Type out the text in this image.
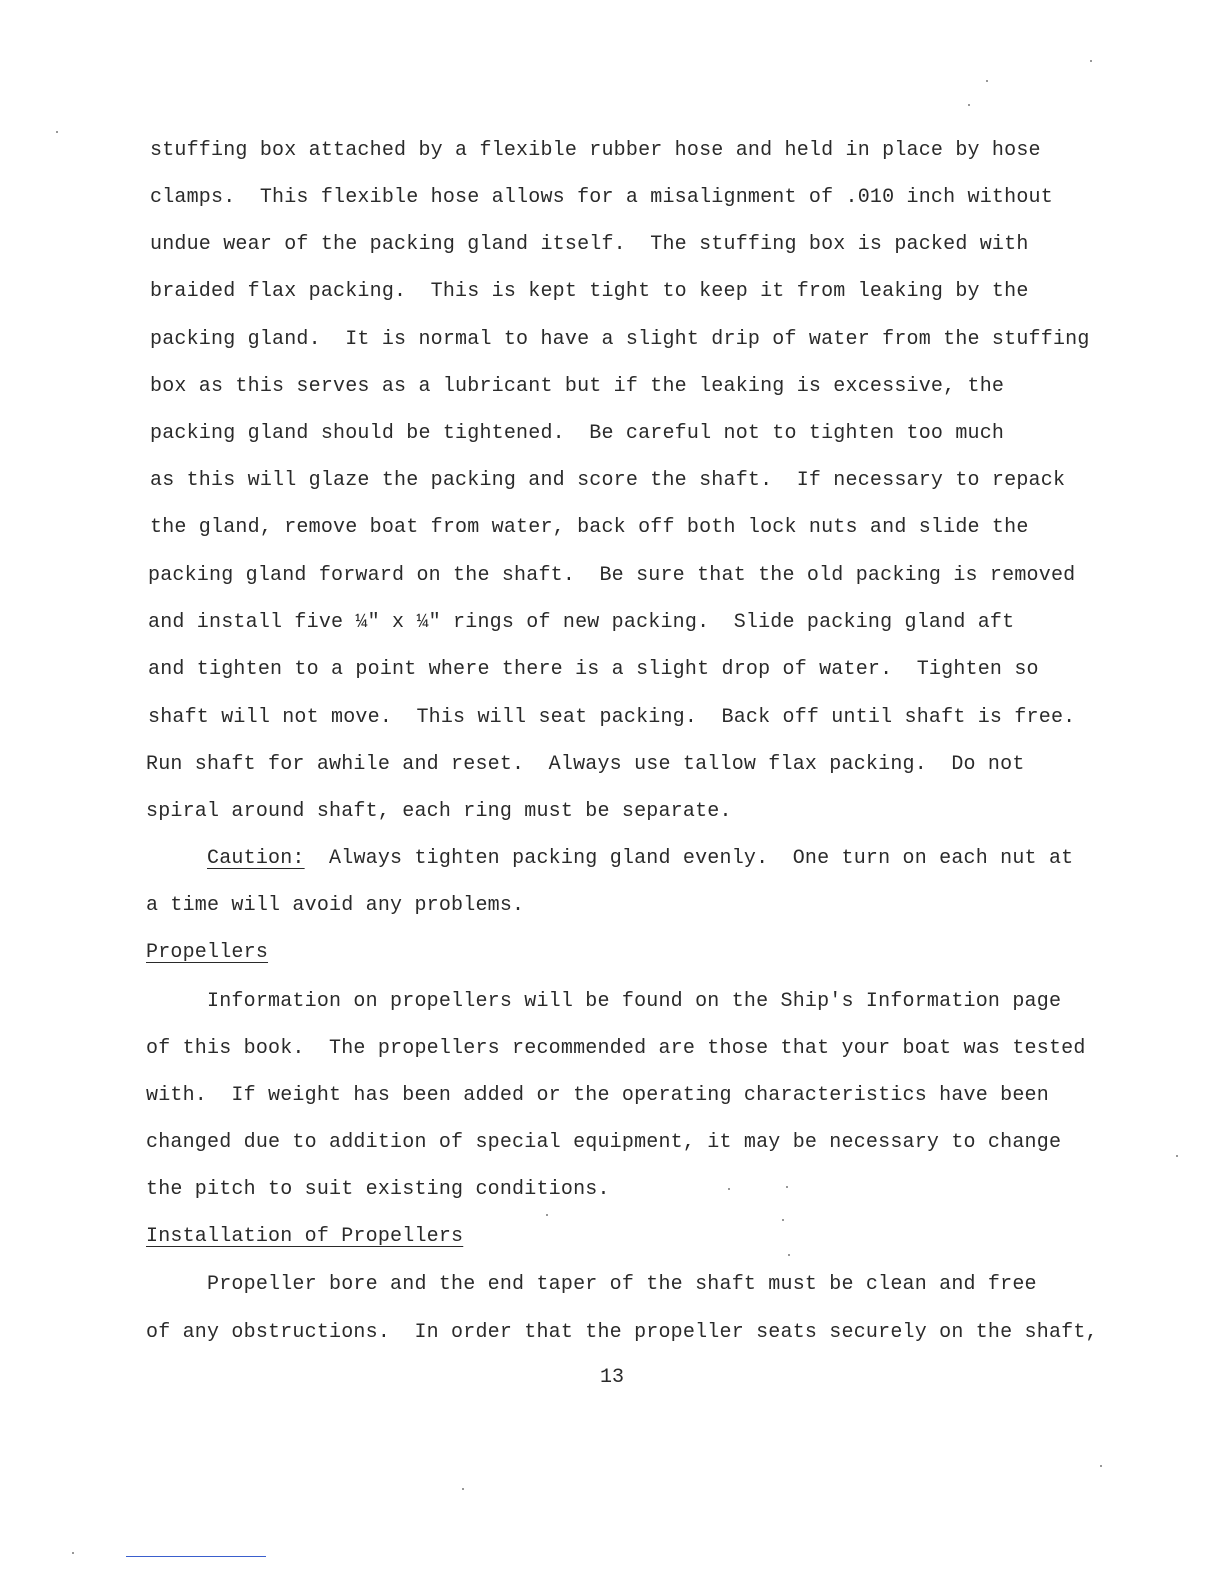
stuffing box attached by a flexible rubber hose and held in place by hose
clamps.  This flexible hose allows for a misalignment of .010 inch without
undue wear of the packing gland itself.  The stuffing box is packed with
braided flax packing.  This is kept tight to keep it from leaking by the
packing gland.  It is normal to have a slight drip of water from the stuffing
box as this serves as a lubricant but if the leaking is excessive, the
packing gland should be tightened.  Be careful not to tighten too much
as this will glaze the packing and score the shaft.  If necessary to repack
the gland, remove boat from water, back off both lock nuts and slide the
packing gland forward on the shaft.  Be sure that the old packing is removed
and install five ¼" x ¼" rings of new packing.  Slide packing gland aft
and tighten to a point where there is a slight drop of water.  Tighten so
shaft will not move.  This will seat packing.  Back off until shaft is free.
Run shaft for awhile and reset.  Always use tallow flax packing.  Do not
spiral around shaft, each ring must be separate.
Caution:  Always tighten packing gland evenly.  One turn on each nut at
a time will avoid any problems.
Propellers
Information on propellers will be found on the Ship's Information page
of this book.  The propellers recommended are those that your boat was tested
with.  If weight has been added or the operating characteristics have been
changed due to addition of special equipment, it may be necessary to change
the pitch to suit existing conditions.
Installation of Propellers
Propeller bore and the end taper of the shaft must be clean and free
of any obstructions.  In order that the propeller seats securely on the shaft,
13
